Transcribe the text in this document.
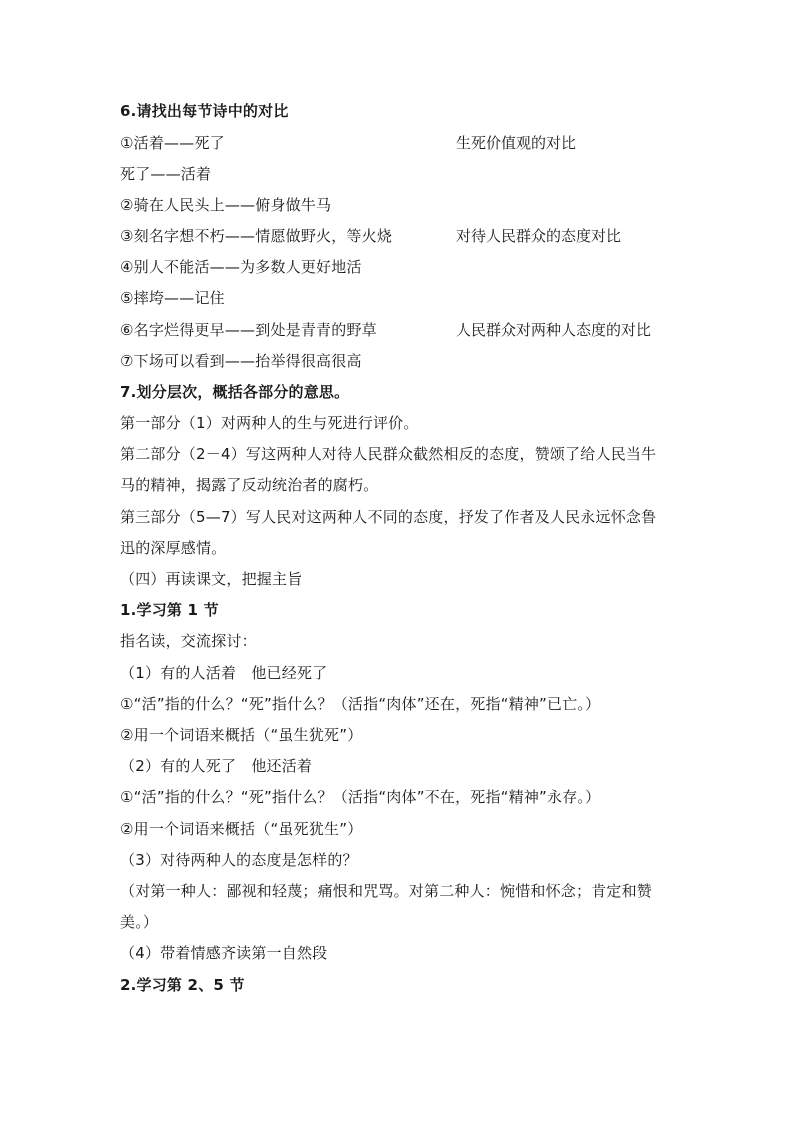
6.请找出每节诗中的对比
①活着——死了	生死价值观的对比
死了——活着
②骑在人民头上——俯身做牛马
③刻名字想不朽——情愿做野火，等火烧	对待人民群众的态度对比
④别人不能活——为多数人更好地活
⑤摔垮——记住
⑥名字烂得更早——到处是青青的野草	人民群众对两种人态度的对比
⑦下场可以看到——抬举得很高很高
7.划分层次，概括各部分的意思。
第一部分（1）对两种人的生与死进行评价。
第二部分（2－4）写这两种人对待人民群众截然相反的态度，赞颂了给人民当牛
马的精神，揭露了反动统治者的腐朽。
第三部分（5—7）写人民对这两种人不同的态度，抒发了作者及人民永远怀念鲁
迅的深厚感情。
（四）再读课文，把握主旨
1.学习第 1 节
指名读，交流探讨：
（1）有的人活着　他已经死了
①“活”指的什么？“死”指什么？（活指“肉体”还在，死指“精神”已亡。）
②用一个词语来概括（“虽生犹死”）
（2）有的人死了　他还活着
①“活”指的什么？“死”指什么？（活指“肉体”不在，死指“精神”永存。）
②用一个词语来概括（“虽死犹生”）
（3）对待两种人的态度是怎样的？
（对第一种人：鄙视和轻蔑；痛恨和咒骂。对第二种人：惋惜和怀念；肯定和赞
美。）
（4）带着情感齐读第一自然段
2.学习第 2、5 节
